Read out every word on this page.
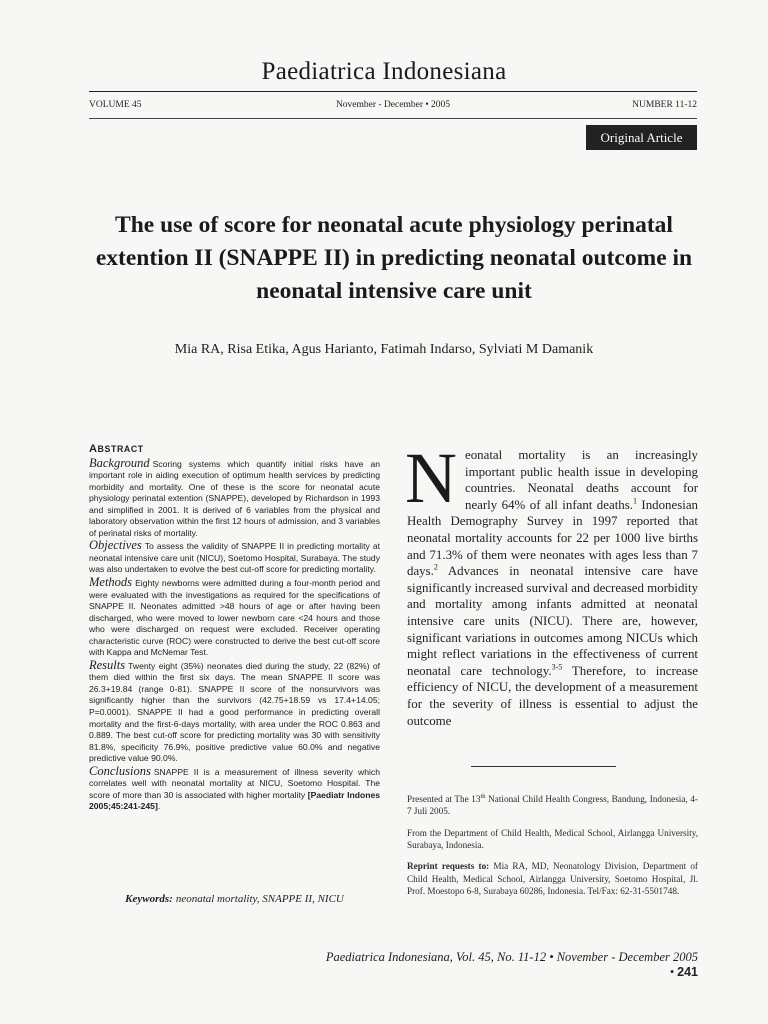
Paediatrica Indonesiana
VOLUME 45	November - December • 2005	NUMBER 11-12
Original Article
The use of score for neonatal acute physiology perinatal extention II (SNAPPE II) in predicting neonatal outcome in neonatal intensive care unit
Mia RA, Risa Etika, Agus Harianto, Fatimah Indarso, Sylviati M Damanik
ABSTRACT

Background Scoring systems which quantify initial risks have an important role in aiding execution of optimum health services by predicting morbidity and mortality. One of these is the score for neonatal acute physiology perinatal extention (SNAPPE), developed by Richardson in 1993 and simplified in 2001. It is derived of 6 variables from the physical and laboratory observation within the first 12 hours of admission, and 3 variables of perinatal risks of mortality.

Objectives To assess the validity of SNAPPE II in predicting mortality at neonatal intensive care unit (NICU), Soetomo Hospital, Surabaya. The study was also undertaken to evolve the best cut-off score for predicting mortality.

Methods Eighty newborns were admitted during a four-month period and were evaluated with the investigations as required for the specifications of SNAPPE II. Neonates admitted >48 hours of age or after having been discharged, who were moved to lower newborn care <24 hours and those who were discharged on request were excluded. Receiver operating characteristic curve (ROC) were constructed to derive the best cut-off score with Kappa and McNemar Test.

Results Twenty eight (35%) neonates died during the study, 22 (82%) of them died within the first six days. The mean SNAPPE II score was 26.3+19.84 (range 0-81). SNAPPE II score of the nonsurvivors was significantly higher than the survivors (42.75+18.59 vs 17.4+14.05; P=0.0001). SNAPPE II had a good performance in predicting overall mortality and the first-6-days mortality, with area under the ROC 0.863 and 0.889. The best cut-off score for predicting mortality was 30 with sensitivity 81.8%, specificity 76.9%, positive predictive value 60.0% and negative predictive value 90.0%.

Conclusions SNAPPE II is a measurement of illness severity which correlates well with neonatal mortality at NICU, Soetomo Hospital. The score of more than 30 is associated with higher mortality [Paediatr Indones 2005;45:241-245].

Keywords: neonatal mortality, SNAPPE II, NICU
Neonatal mortality is an increasingly important public health issue in developing countries. Neonatal deaths account for nearly 64% of all infant deaths.$^1$ Indonesian Health Demography Survey in 1997 reported that neonatal mortality accounts for 22 per 1000 live births and 71.3% of them were neonates with ages less than 7 days.$^2$ Advances in neonatal intensive care have significantly increased survival and decreased morbidity and mortality among infants admitted at neonatal intensive care units (NICU). There are, however, significant variations in outcomes among NICUs which might reflect variations in the effectiveness of current neonatal care technology.$^{3-5}$ Therefore, to increase efficiency of NICU, the development of a measurement for the severity of illness is essential to adjust the outcome

Presented at The 13th National Child Health Congress, Bandung, Indonesia, 4-7 Juli 2005.

From the Department of Child Health, Medical School, Airlangga University, Surabaya, Indonesia.

Reprint requests to: Mia RA, MD, Neonatology Division, Department of Child Health, Medical School, Airlangga University, Soetomo Hospital, Jl. Prof. Moestopo 6-8, Surabaya 60286, Indonesia. Tel/Fax: 62-31-5501748.

Paediatrica Indonesiana, Vol. 45, No. 11-12 • November - December 2005 • 241
